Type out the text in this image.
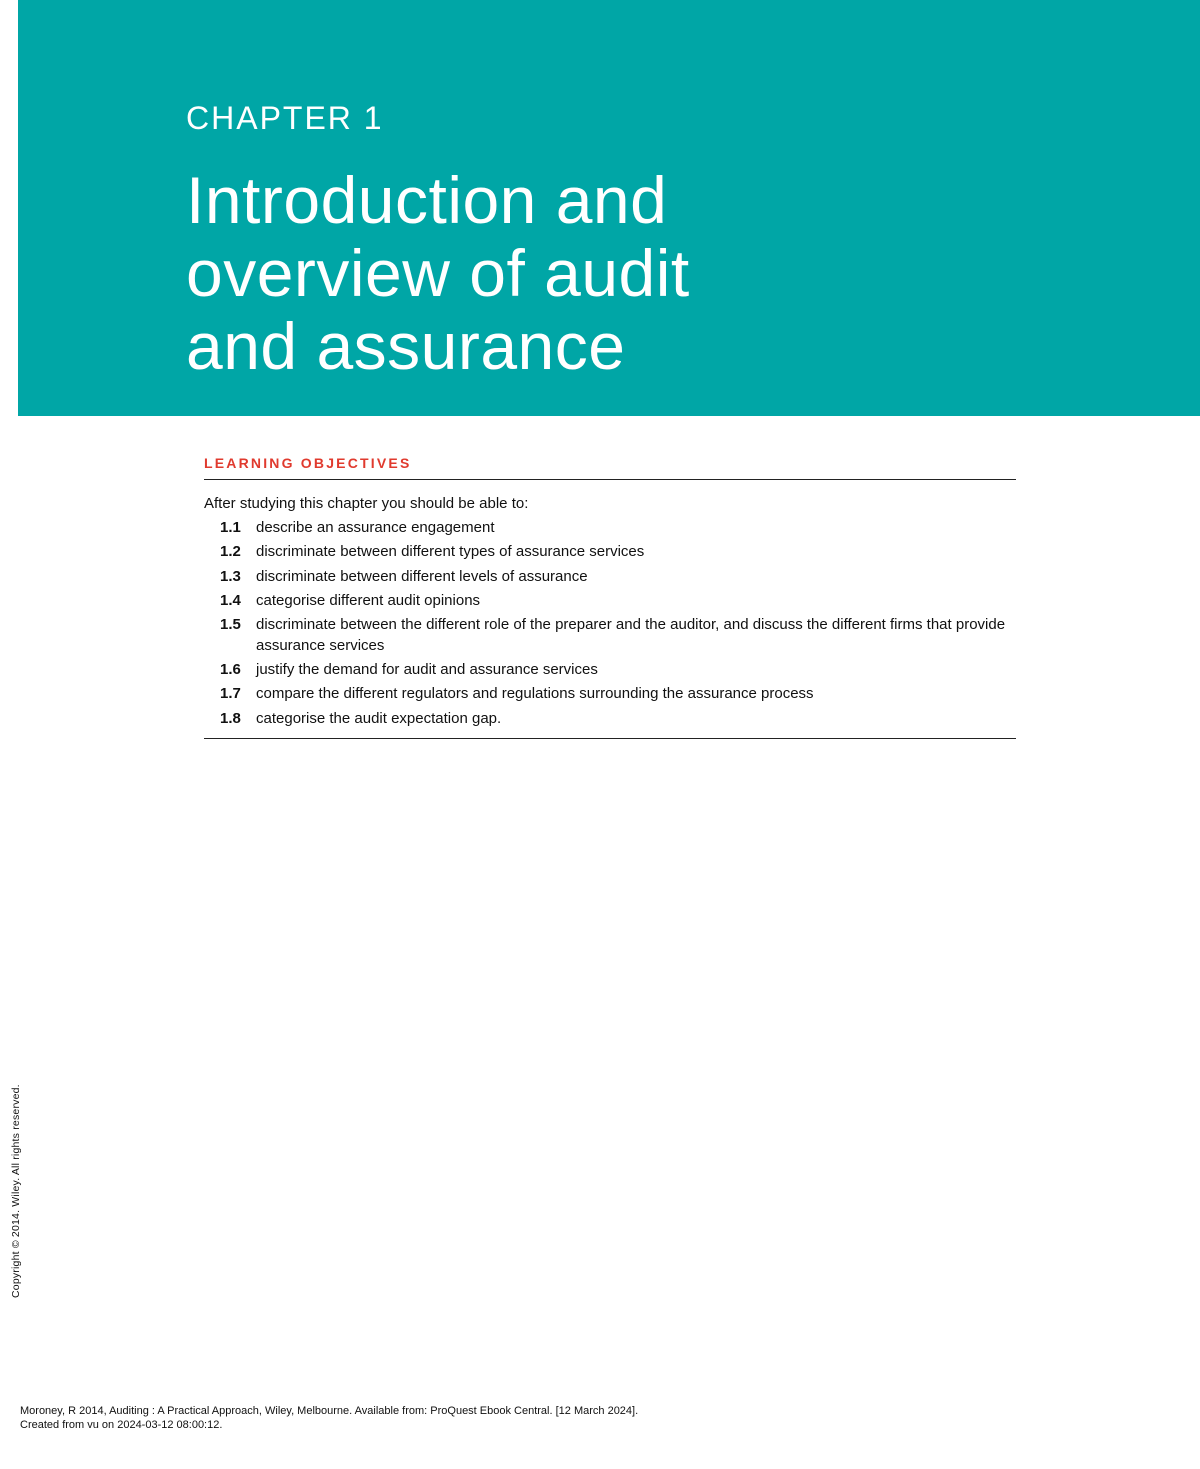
CHAPTER 1
Introduction and
overview of audit
and assurance
LEARNING OBJECTIVES
After studying this chapter you should be able to:
1.1	describe an assurance engagement
1.2	discriminate between different types of assurance services
1.3	discriminate between different levels of assurance
1.4	categorise different audit opinions
1.5	discriminate between the different role of the preparer and the auditor, and discuss the different firms that provide assurance services
1.6	justify the demand for audit and assurance services
1.7	compare the different regulators and regulations surrounding the assurance process
1.8	categorise the audit expectation gap.
Copyright © 2014. Wiley. All rights reserved.
Moroney, R 2014, Auditing : A Practical Approach, Wiley, Melbourne. Available from: ProQuest Ebook Central. [12 March 2024].
Created from vu on 2024-03-12 08:00:12.
